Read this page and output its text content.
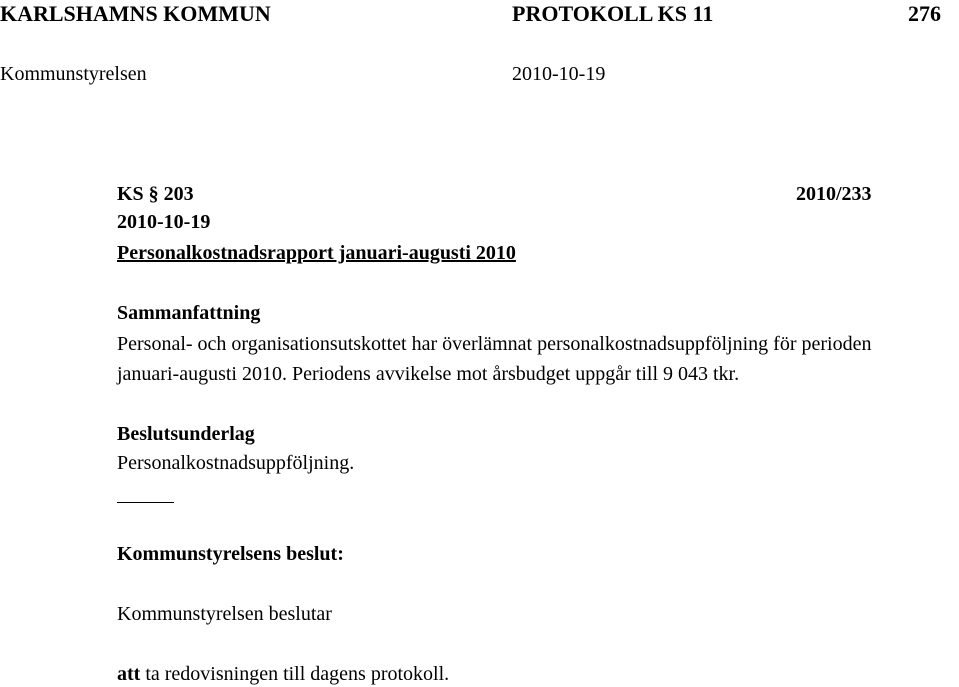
KARLSHAMNS KOMMUN	PROTOKOLL KS 11	276
Kommunstyrelsen	2010-10-19
KS § 203	2010/233
2010-10-19
Personalkostnadsrapport januari-augusti 2010
Sammanfattning
Personal- och organisationsutskottet har överlämnat personalkostnadsuppföljning för perioden
januari-augusti 2010. Periodens avvikelse mot årsbudget uppgår till 9 043 tkr.
Beslutsunderlag
Personalkostnadsuppföljning.
Kommunstyrelsens beslut:
Kommunstyrelsen beslutar
att ta redovisningen till dagens protokoll.
